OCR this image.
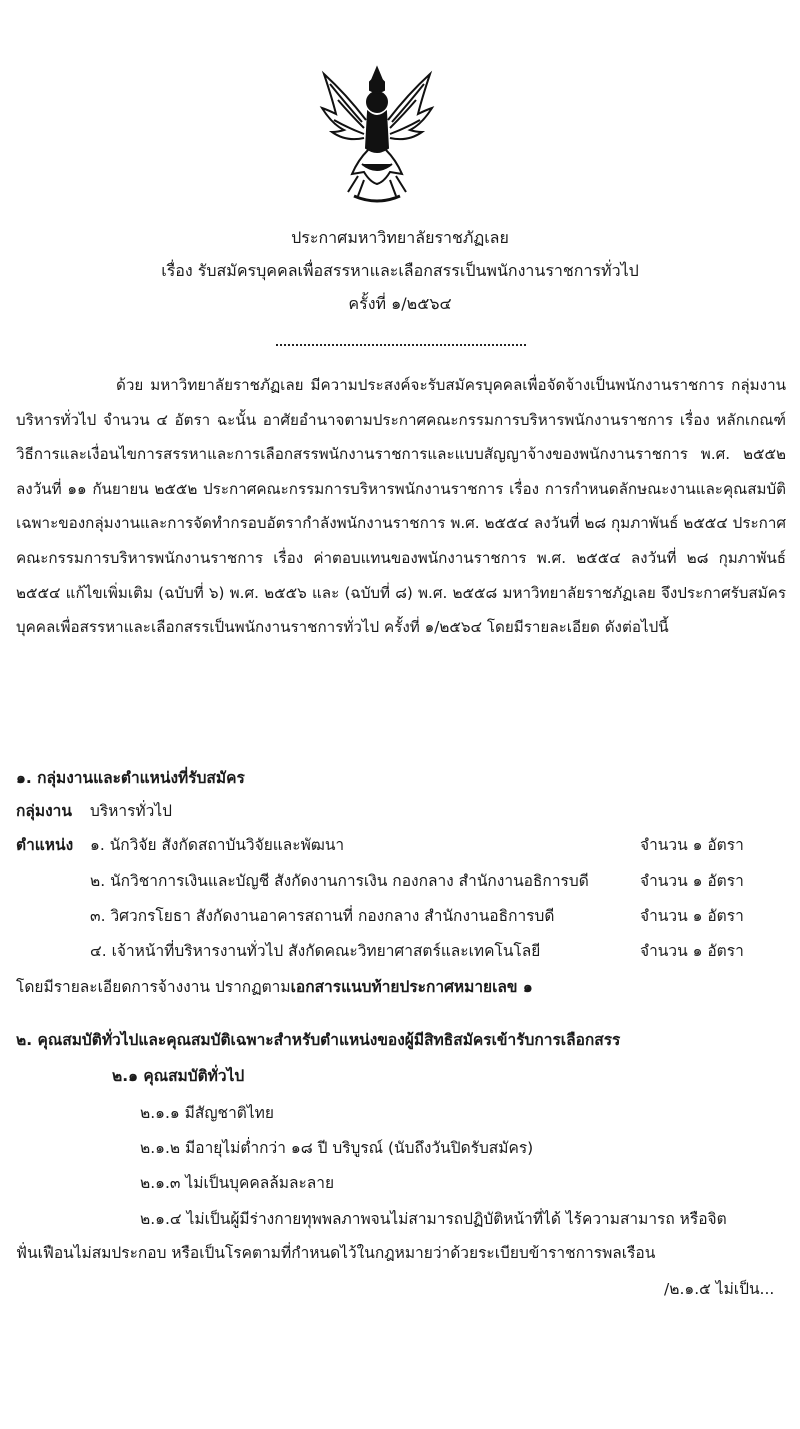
ประกาศมหาวิทยาลัยราชภัฏเลย
เรื่อง รับสมัครบุคคลเพื่อสรรหาและเลือกสรรเป็นพนักงานราชการทั่วไป
ครั้งที่ ๑/๒๕๖๔
ด้วย มหาวิทยาลัยราชภัฏเลย มีความประสงค์จะรับสมัครบุคคลเพื่อจัดจ้างเป็นพนักงานราชการ กลุ่มงานบริหารทั่วไป จำนวน ๔ อัตรา ฉะนั้น อาศัยอำนาจตามประกาศคณะกรรมการบริหารพนักงานราชการ เรื่อง หลักเกณฑ์ วิธีการและเงื่อนไขการสรรหาและการเลือกสรรพนักงานราชการและแบบสัญญาจ้างของพนักงานราชการ พ.ศ. ๒๕๕๒ ลงวันที่ ๑๑ กันยายน ๒๕๕๒ ประกาศคณะกรรมการบริหารพนักงานราชการ เรื่อง การกำหนดลักษณะงานและคุณสมบัติเฉพาะของกลุ่มงานและการจัดทำกรอบอัตรากำลังพนักงานราชการ พ.ศ. ๒๕๕๔ ลงวันที่ ๒๘ กุมภาพันธ์ ๒๕๕๔ ประกาศคณะกรรมการบริหารพนักงานราชการ เรื่อง ค่าตอบแทนของพนักงานราชการ พ.ศ. ๒๕๕๔ ลงวันที่ ๒๘ กุมภาพันธ์ ๒๕๕๔ แก้ไขเพิ่มเติม (ฉบับที่ ๖) พ.ศ. ๒๕๕๖ และ (ฉบับที่ ๘) พ.ศ. ๒๕๕๘ มหาวิทยาลัยราชภัฏเลย จึงประกาศรับสมัครบุคคลเพื่อสรรหาและเลือกสรรเป็นพนักงานราชการทั่วไป ครั้งที่ ๑/๒๕๖๔ โดยมีรายละเอียด ดังต่อไปนี้
๑. กลุ่มงานและตำแหน่งที่รับสมัคร
กลุ่มงาน บริหารทั่วไป
ตำแหน่ง ๑. นักวิจัย สังกัดสถาบันวิจัยและพัฒนา	จำนวน ๑ อัตรา
๒. นักวิชาการเงินและบัญชี สังกัดงานการเงิน กองกลาง สำนักงานอธิการบดี	จำนวน ๑ อัตรา
๓. วิศวกรโยธา สังกัดงานอาคารสถานที่ กองกลาง สำนักงานอธิการบดี	จำนวน ๑ อัตรา
๔. เจ้าหน้าที่บริหารงานทั่วไป สังกัดคณะวิทยาศาสตร์และเทคโนโลยี	จำนวน ๑ อัตรา
โดยมีรายละเอียดการจ้างงาน ปรากฏตามเอกสารแนบท้ายประกาศหมายเลข ๑
๒. คุณสมบัติทั่วไปและคุณสมบัติเฉพาะสำหรับตำแหน่งของผู้มีสิทธิสมัครเข้ารับการเลือกสรร
๒.๑ คุณสมบัติทั่วไป
๒.๑.๑ มีสัญชาติไทย
๒.๑.๒ มีอายุไม่ต่ำกว่า ๑๘ ปี บริบูรณ์ (นับถึงวันปิดรับสมัคร)
๒.๑.๓ ไม่เป็นบุคคลล้มละลาย
๒.๑.๔ ไม่เป็นผู้มีร่างกายทุพพลภาพจนไม่สามารถปฏิบัติหน้าที่ได้ ไร้ความสามารถ หรือจิต
ฟั่นเฟือนไม่สมประกอบ หรือเป็นโรคตามที่กำหนดไว้ในกฎหมายว่าด้วยระเบียบข้าราชการพลเรือน
/๒.๑.๕ ไม่เป็น...
